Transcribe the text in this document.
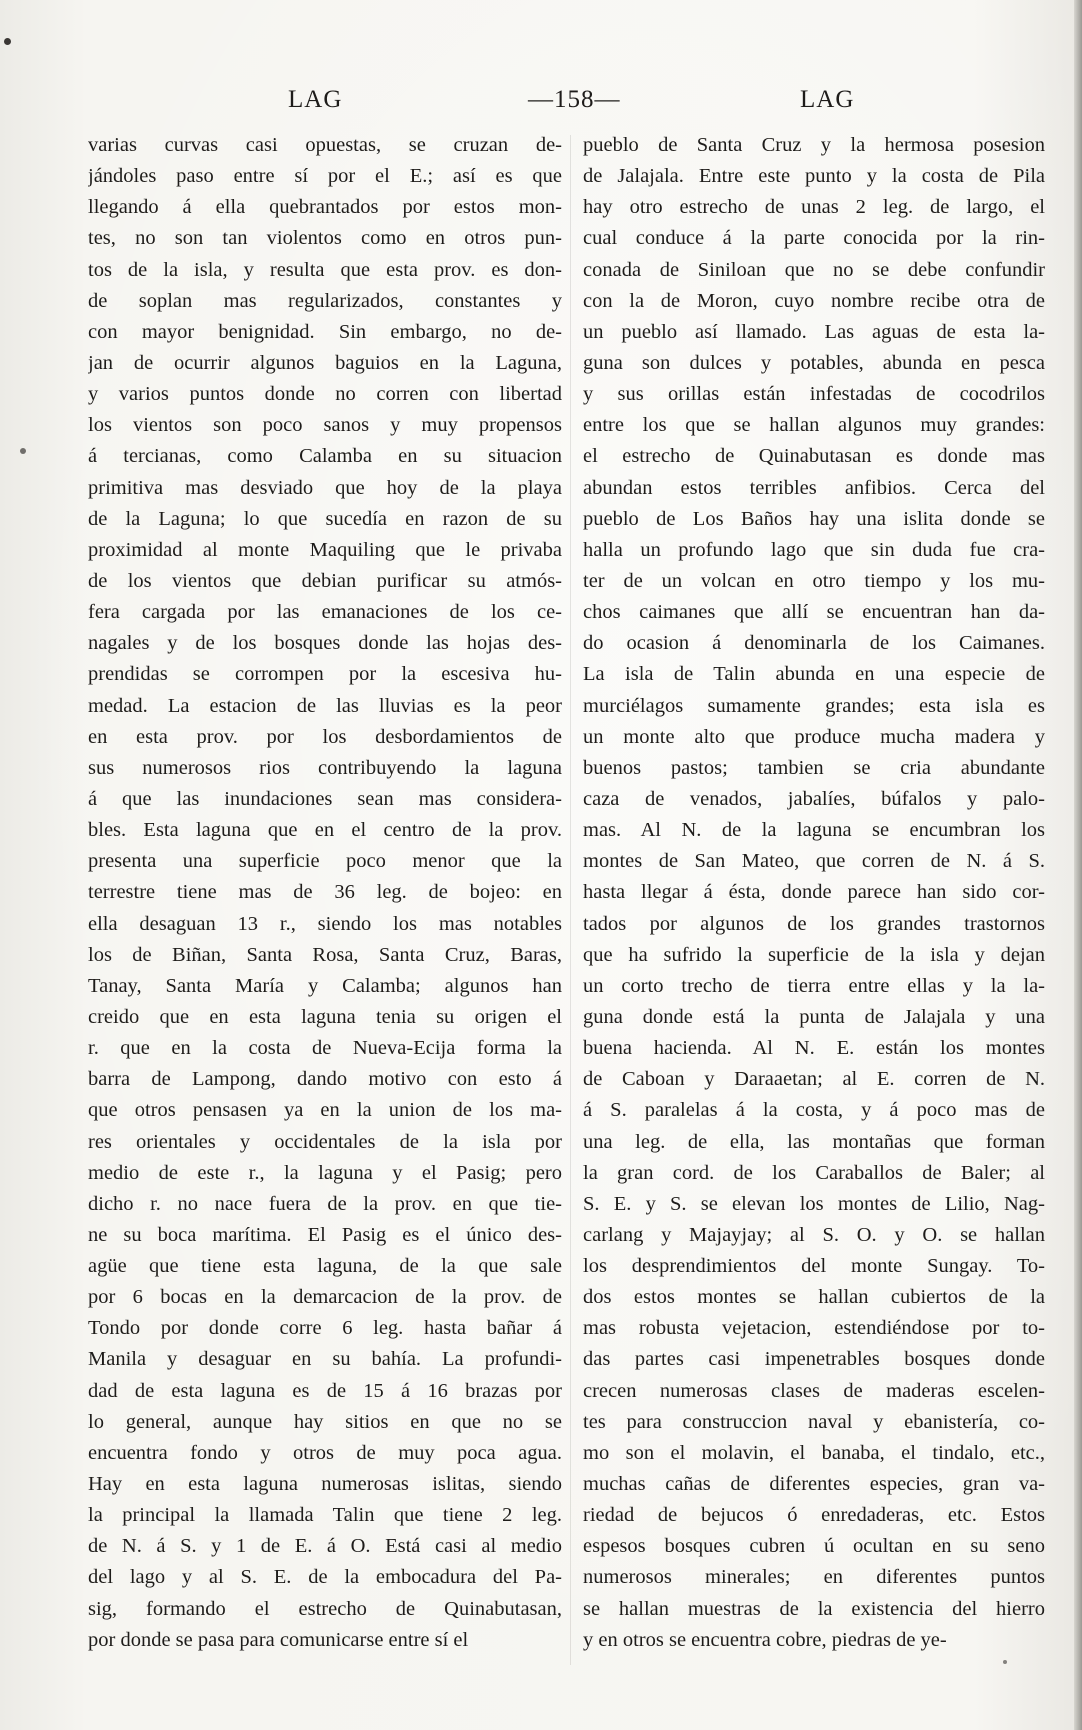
LAG	—158—	LAG
varias curvas casi opuestas, se cruzan de-
jándoles paso entre sí por el E.; así es que
llegando á ella quebrantados por estos mon-
tes, no son tan violentos como en otros pun-
tos de la isla, y resulta que esta prov. es don-
de soplan mas regularizados, constantes y
con mayor benignidad. Sin embargo, no de-
jan de ocurrir algunos baguios en la Laguna,
y varios puntos donde no corren con libertad
los vientos son poco sanos y muy propensos
á tercianas, como Calamba en su situacion
primitiva mas desviado que hoy de la playa
de la Laguna; lo que sucedía en razon de su
proximidad al monte Maquiling que le privaba
de los vientos que debian purificar su atmós-
fera cargada por las emanaciones de los ce-
nagales y de los bosques donde las hojas des-
prendidas se corrompen por la escesiva hu-
medad. La estacion de las lluvias es la peor
en esta prov. por los desbordamientos de
sus numerosos rios contribuyendo la laguna
á que las inundaciones sean mas considera-
bles. Esta laguna que en el centro de la prov.
presenta una superficie poco menor que la
terrestre tiene mas de 36 leg. de bojeo: en
ella desaguan 13 r., siendo los mas notables
los de Biñan, Santa Rosa, Santa Cruz, Baras,
Tanay, Santa María y Calamba; algunos han
creido que en esta laguna tenia su origen el
r. que en la costa de Nueva-Ecija forma la
barra de Lampong, dando motivo con esto á
que otros pensasen ya en la union de los ma-
res orientales y occidentales de la isla por
medio de este r., la laguna y el Pasig; pero
dicho r. no nace fuera de la prov. en que tie-
ne su boca marítima. El Pasig es el único des-
agüe que tiene esta laguna, de la que sale
por 6 bocas en la demarcacion de la prov. de
Tondo por donde corre 6 leg. hasta bañar á
Manila y desaguar en su bahía. La profundi-
dad de esta laguna es de 15 á 16 brazas por
lo general, aunque hay sitios en que no se
encuentra fondo y otros de muy poca agua.
Hay en esta laguna numerosas islitas, siendo
la principal la llamada Talin que tiene 2 leg.
de N. á S. y 1 de E. á O. Está casi al medio
del lago y al S. E. de la embocadura del Pa-
sig, formando el estrecho de Quinabutasan,
por donde se pasa para comunicarse entre sí el
pueblo de Santa Cruz y la hermosa posesion
de Jalajala. Entre este punto y la costa de Pila
hay otro estrecho de unas 2 leg. de largo, el
cual conduce á la parte conocida por la rin-
conada de Siniloan que no se debe confundir
con la de Moron, cuyo nombre recibe otra de
un pueblo así llamado. Las aguas de esta la-
guna son dulces y potables, abunda en pesca
y sus orillas están infestadas de cocodrilos
entre los que se hallan algunos muy grandes:
el estrecho de Quinabutasan es donde mas
abundan estos terribles anfibios. Cerca del
pueblo de Los Baños hay una islita donde se
halla un profundo lago que sin duda fue cra-
ter de un volcan en otro tiempo y los mu-
chos caimanes que allí se encuentran han da-
do ocasion á denominarla de los Caimanes.
La isla de Talin abunda en una especie de
murciélagos sumamente grandes; esta isla es
un monte alto que produce mucha madera y
buenos pastos; tambien se cria abundante
caza de venados, jabalíes, búfalos y palo-
mas. Al N. de la laguna se encumbran los
montes de San Mateo, que corren de N. á S.
hasta llegar á ésta, donde parece han sido cor-
tados por algunos de los grandes trastornos
que ha sufrido la superficie de la isla y dejan
un corto trecho de tierra entre ellas y la la-
guna donde está la punta de Jalajala y una
buena hacienda. Al N. E. están los montes
de Caboan y Daraaetan; al E. corren de N.
á S. paralelas á la costa, y á poco mas de
una leg. de ella, las montañas que forman
la gran cord. de los Caraballos de Baler; al
S. E. y S. se elevan los montes de Lilio, Nag-
carlang y Majayjay; al S. O. y O. se hallan
los desprendimientos del monte Sungay. To-
dos estos montes se hallan cubiertos de la
mas robusta vejetacion, estendiéndose por to-
das partes casi impenetrables bosques donde
crecen numerosas clases de maderas escelen-
tes para construccion naval y ebanistería, co-
mo son el molavin, el banaba, el tindalo, etc.,
muchas cañas de diferentes especies, gran va-
riedad de bejucos ó enredaderas, etc. Estos
espesos bosques cubren ú ocultan en su seno
numerosos minerales; en diferentes puntos
se hallan muestras de la existencia del hierro
y en otros se encuentra cobre, piedras de ye-
